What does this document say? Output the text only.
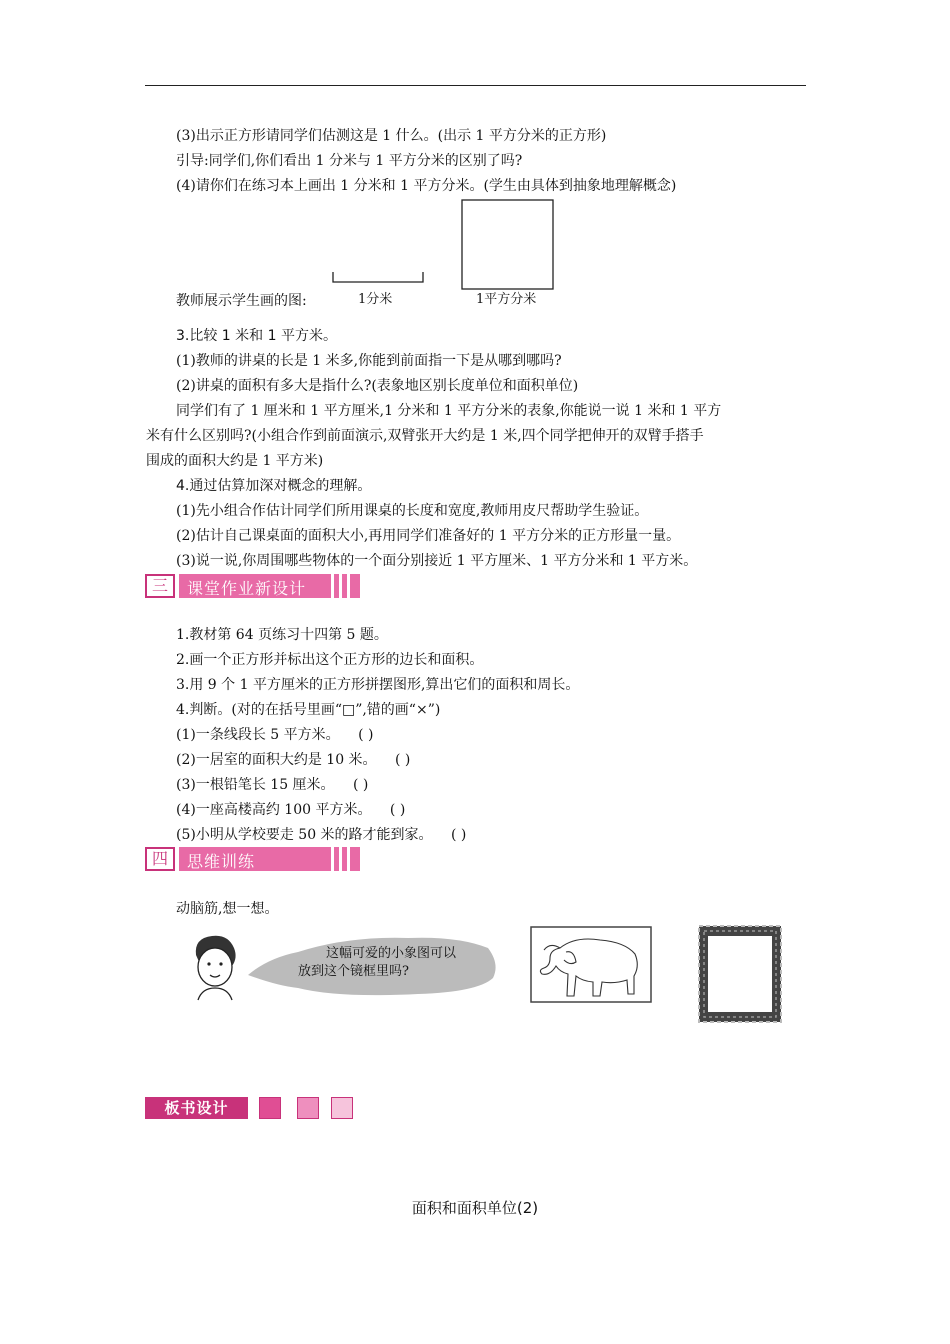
(3)出示正方形请同学们估测这是 1 什么。(出示 1 平方分米的正方形)
引导:同学们,你们看出 1 分米与 1 平方分米的区别了吗?
(4)请你们在练习本上画出 1 分米和 1 平方分米。(学生由具体到抽象地理解概念)
教师展示学生画的图:	1分米	1平方分米
3.比较 1 米和 1 平方米。
(1)教师的讲桌的长是 1 米多,你能到前面指一下是从哪到哪吗?
(2)讲桌的面积有多大是指什么?(表象地区别长度单位和面积单位)
同学们有了 1 厘米和 1 平方厘米,1 分米和 1 平方分米的表象,你能说一说 1 米和 1 平方
米有什么区别吗?(小组合作到前面演示,双臂张开大约是 1 米,四个同学把伸开的双臂手搭手
围成的面积大约是 1 平方米)
4.通过估算加深对概念的理解。
(1)先小组合作估计同学们所用课桌的长度和宽度,教师用皮尺帮助学生验证。
(2)估计自己课桌面的面积大小,再用同学们准备好的 1 平方分米的正方形量一量。
(3)说一说,你周围哪些物体的一个面分别接近 1 平方厘米、1 平方分米和 1 平方米。
三	课堂作业新设计
1.教材第 64 页练习十四第 5 题。
2.画一个正方形并标出这个正方形的边长和面积。
3.用 9 个 1 平方厘米的正方形拼摆图形,算出它们的面积和周长。
4.判断。(对的在括号里画“□”,错的画“×”)
(1)一条线段长 5 平方米。 ( )
(2)一居室的面积大约是 10 米。 ( )
(3)一根铅笔长 15 厘米。 ( )
(4)一座高楼高约 100 平方米。 ( )
(5)小明从学校要走 50 米的路才能到家。 ( )
四	思维训练
动脑筋,想一想。
这幅可爱的小象图可以
放到这个镜框里吗?
板书设计
面积和面积单位(2)
